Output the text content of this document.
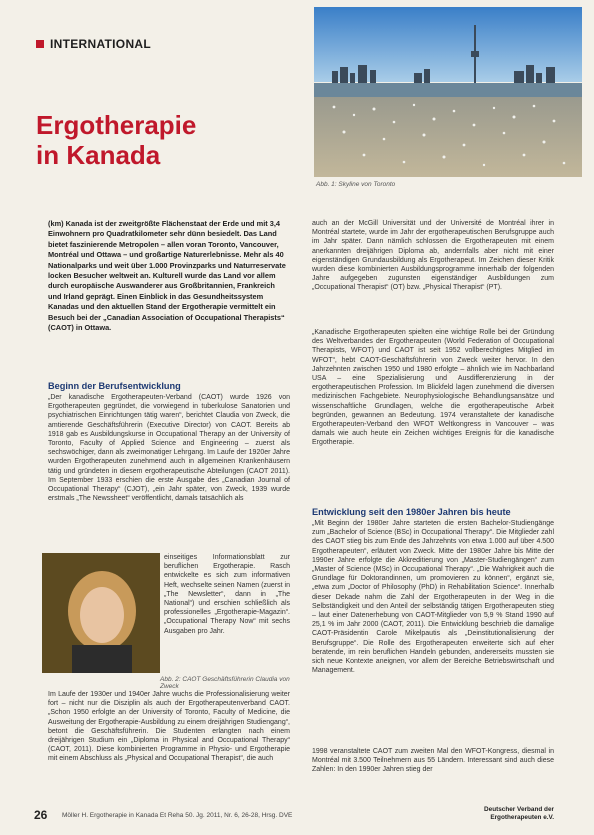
INTERNATIONAL
Ergotherapie
in Kanada
Abb. 1: Skyline von Toronto
(km) Kanada ist der zweitgrößte Flächenstaat der Erde und mit 3,4 Einwohnern pro Quadratkilometer sehr dünn besiedelt. Das Land bietet faszinierende Metropolen – allen voran Toronto, Vancouver, Montréal und Ottawa – und großartige Naturerlebnisse. Mehr als 40 Nationalparks und weit über 1.000 Provinzparks und Naturreservate locken Besucher weltweit an. Kulturell wurde das Land vor allem durch europäische Auswanderer aus Großbritannien, Frankreich und Irland geprägt. Einen Einblick in das Gesundheitssystem Kanadas und den aktuellen Stand der Ergotherapie vermittelt ein Besuch bei der „Canadian Association of Occupational Therapists“ (CAOT) in Ottawa.
Beginn der Berufsentwicklung
„Der kanadische Ergotherapeuten-Verband (CAOT) wurde 1926 von Ergotherapeuten gegründet, die vorwiegend in tuberkulose Sanatorien und psychiatrischen Einrichtungen tätig waren“, berichtet Claudia von Zweck, die amtierende Geschäftsführerin (Executive Director) von CAOT. Bereits ab 1918 gab es Ausbildungskurse in Occupational Therapy an der University of Toronto, Faculty of Applied Science and Engineering – zuerst als sechswöchiger, dann als zweimonatiger Lehrgang. Im Laufe der 1920er Jahre wurden Ergotherapeuten zunehmend auch in allgemeinen Krankenhäusern tätig und gründeten in diesem ergotherapeutische Abteilungen (CAOT 2011). Im September 1933 erschien die erste Ausgabe des „Canadian Journal of Occupational Therapy“ (CJOT), „ein Jahr später, von Zweck, 1939 wurde erstmals „The Newssheet“ veröffentlicht, damals tatsächlich als
einseitiges Informationsblatt zur beruflichen Ergotherapie. Rasch entwickelte es sich zum informativen Heft, wechselte seinen Namen (zuerst in „The Newsletter“, dann in „The National“) und erschien schließlich als professionelles „Ergotherapie-Magazin“. „Occupational Therapy Now“ mit sechs Ausgaben pro Jahr.
Abb. 2: CAOT Geschäftsführerin Claudia von Zweck
Im Laufe der 1930er und 1940er Jahre wuchs die Professionalisierung weiter fort – nicht nur die Disziplin als auch der Ergotherapeutenverband CAOT. „Schon 1950 erfolgte an der University of Toronto, Faculty of Medicine, die Ausweitung der Ergotherapie-Ausbildung zu einem dreijährigen Studiengang“, betont die Geschäftsführerin. Die Studenten erlangten nach einem dreijährigen Studium ein „Diploma in Physical and Occupational Therapy“ (CAOT, 2011). Diese kombinierten Programme in Physio- und Ergotherapie mit einem Abschluss als „Physical and Occupational Therapist“, die auch
auch an der McGill Universität und der Université de Montréal ihrer in Montréal startete, wurde im Jahr der ergotherapeutischen Berufsgruppe auch im Jahr später. Dann nämlich schlossen die Ergotherapeuten mit einem anerkannten dreijährigen Diploma ab, andernfalls aber nicht mit einer eigenständigen Grundausbildung als Ergotherapeut. Im Zeichen dieser Kritik wurden diese kombinierten Ausbildungsprogramme innerhalb der folgenden Jahre aufgegeben zugunsten eigenständiger Ausbildungen zum „Occupational Therapist“ (OT) bzw. „Physical Therapist“ (PT).
„Kanadische Ergotherapeuten spielten eine wichtige Rolle bei der Gründung des Weltverbandes der Ergotherapeuten (World Federation of Occupational Therapists, WFOT) und CAOT ist seit 1952 vollberechtigtes Mitglied im WFOT“, hebt CAOT-Geschäftsführerin von Zweck weiter hervor. In den Jahrzehnten zwischen 1950 und 1980 erfolgte – ähnlich wie im Nachbarland USA – eine Spezialisierung und Ausdifferenzierung in der ergotherapeutischen Profession. Im Blickfeld lagen zunehmend die diversen medizinischen Fachgebiete. Neurophysiologische Behandlungsansätze und wissenschaftliche Grundlagen, welche die ergotherapeutische Arbeit begründen, gewannen an Bedeutung. 1974 veranstaltete der kanadische Ergotherapeuten-Verband den WFOT Weltkongress in Vancouver – was damals wie auch heute ein Zeichen wichtiges Ereignis für die kanadische Ergotherapie.
Entwicklung seit den 1980er Jahren bis heute
„Mit Beginn der 1980er Jahre starteten die ersten Bachelor-Studiengänge zum „Bachelor of Science (BSc) in Occupational Therapy“. Die Mitglieder zahl des CAOT stieg bis zum Ende des Jahrzehnts von etwa 1.000 auf über 4.500 Ergotherapeuten“, erläutert von Zweck. Mitte der 1980er Jahre bis Mitte der 1990er Jahre erfolgte die Akkreditierung von „Master-Studiengängen“ zum „Master of Science (MSc) in Occupational Therapy“. „Die Wahrigkeit auch die Grundlage für Doktorandinnen, um promovieren zu können“, ergänzt sie, „etwa zum „Doctor of Philosophy (PhD) in Rehabilitation Science“. Innerhalb dieser Dekade nahm die Zahl der Ergotherapeuten in der Weg in die Selbständigkeit und den Anteil der selbständig tätigen Ergotherapeuten stieg – laut einer Datenerhebung von CAOT-Mitglieder von 5,9 % Stand 1990 auf 25,1 % im Jahr 2000 (CAOT, 2011). Die Entwicklung beschrieb die damalige CAOT-Präsidentin Carole Mikelpautis als „Deinstitutionalisierung der Berufsgruppe“. Die Rolle des Ergotherapeuten erweiterte sich auf eher beratende, im rein beruflichen Handeln gebunden, andererseits mussten sie sich neue Kontexte aneignen, vor allem der Bereiche Betriebswirtschaft und Management.
1998 veranstaltete CAOT zum zweiten Mal den WFOT-Kongress, diesmal in Montréal mit 3.500 Teilnehmern aus 55 Ländern. Interessant sind auch diese Zahlen: In den 1990er Jahren stieg der
26 Möller H. Ergotherapie in Kanada Et Reha 50. Jg. 2011, Nr. 6, 26-28, Hrsg. DVE
Deutscher Verband der
Ergotherapeuten e.V.
